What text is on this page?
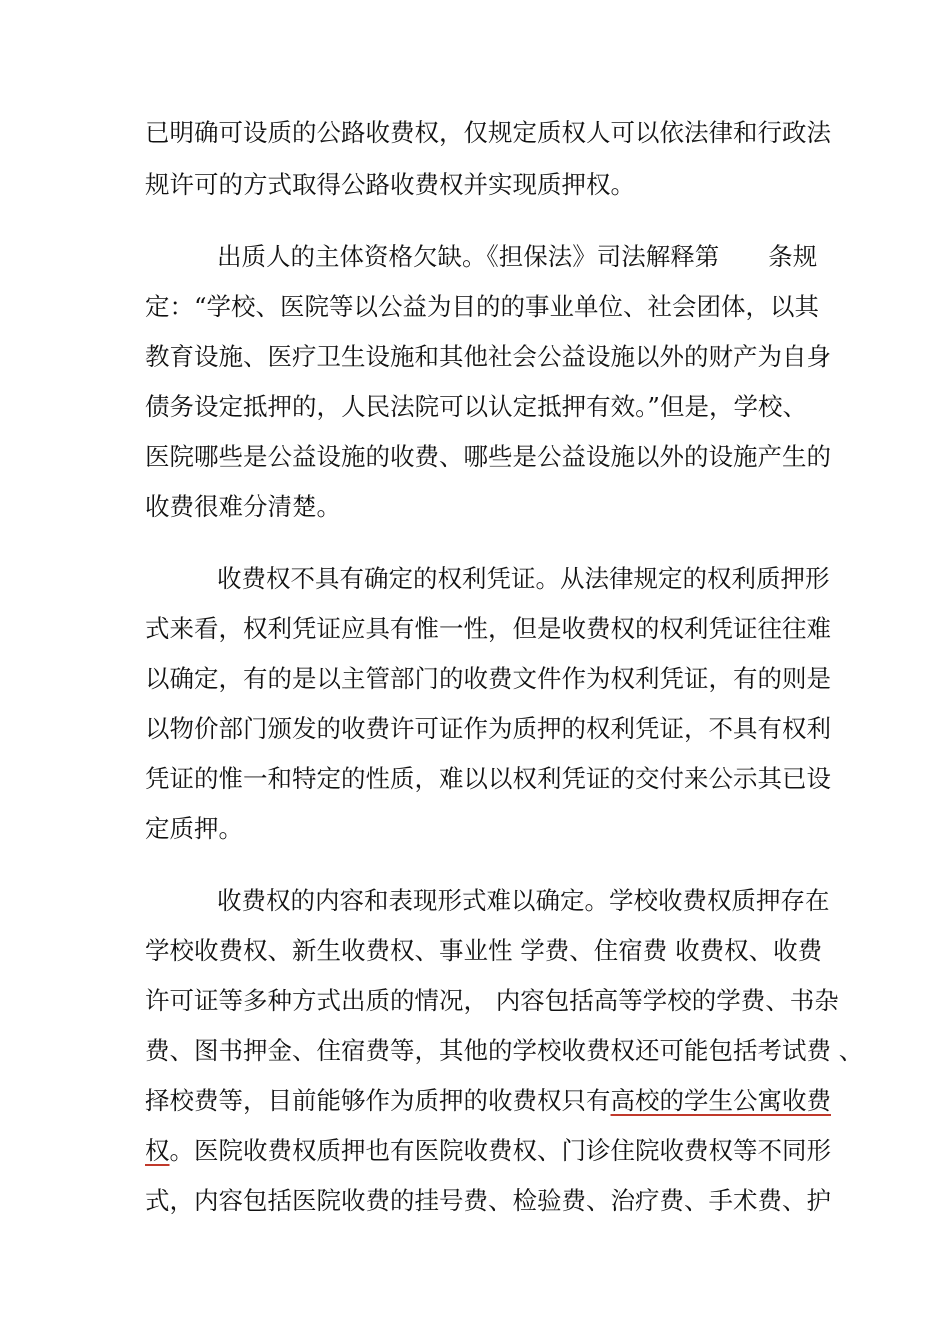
已明确可设质的公路收费权，仅规定质权人可以依法律和行政法
规许可的方式取得公路收费权并实现质押权。
出质人的主体资格欠缺。《担保法》司法解释第　　条规
定：“学校、医院等以公益为目的的事业单位、社会团体，以其
教育设施、医疗卫生设施和其他社会公益设施以外的财产为自身
债务设定抵押的，人民法院可以认定抵押有效。”但是，学校、
医院哪些是公益设施的收费、哪些是公益设施以外的设施产生的
收费很难分清楚。
收费权不具有确定的权利凭证。从法律规定的权利质押形
式来看，权利凭证应具有惟一性，但是收费权的权利凭证往往难
以确定，有的是以主管部门的收费文件作为权利凭证，有的则是
以物价部门颁发的收费许可证作为质押的权利凭证，不具有权利
凭证的惟一和特定的性质，难以以权利凭证的交付来公示其已设
定质押。
收费权的内容和表现形式难以确定。学校收费权质押存在
学校收费权、新生收费权、事业性 学费、住宿费 收费权、收费
许可证等多种方式出质的情况， 内容包括高等学校的学费、书杂
费、图书押金、住宿费等，其他的学校收费权还可能包括考试费 、
择校费等，目前能够作为质押的收费权只有高校的学生公寓收费
权。医院收费权质押也有医院收费权、门诊住院收费权等不同形
式，内容包括医院收费的挂号费、检验费、治疗费、手术费、护
